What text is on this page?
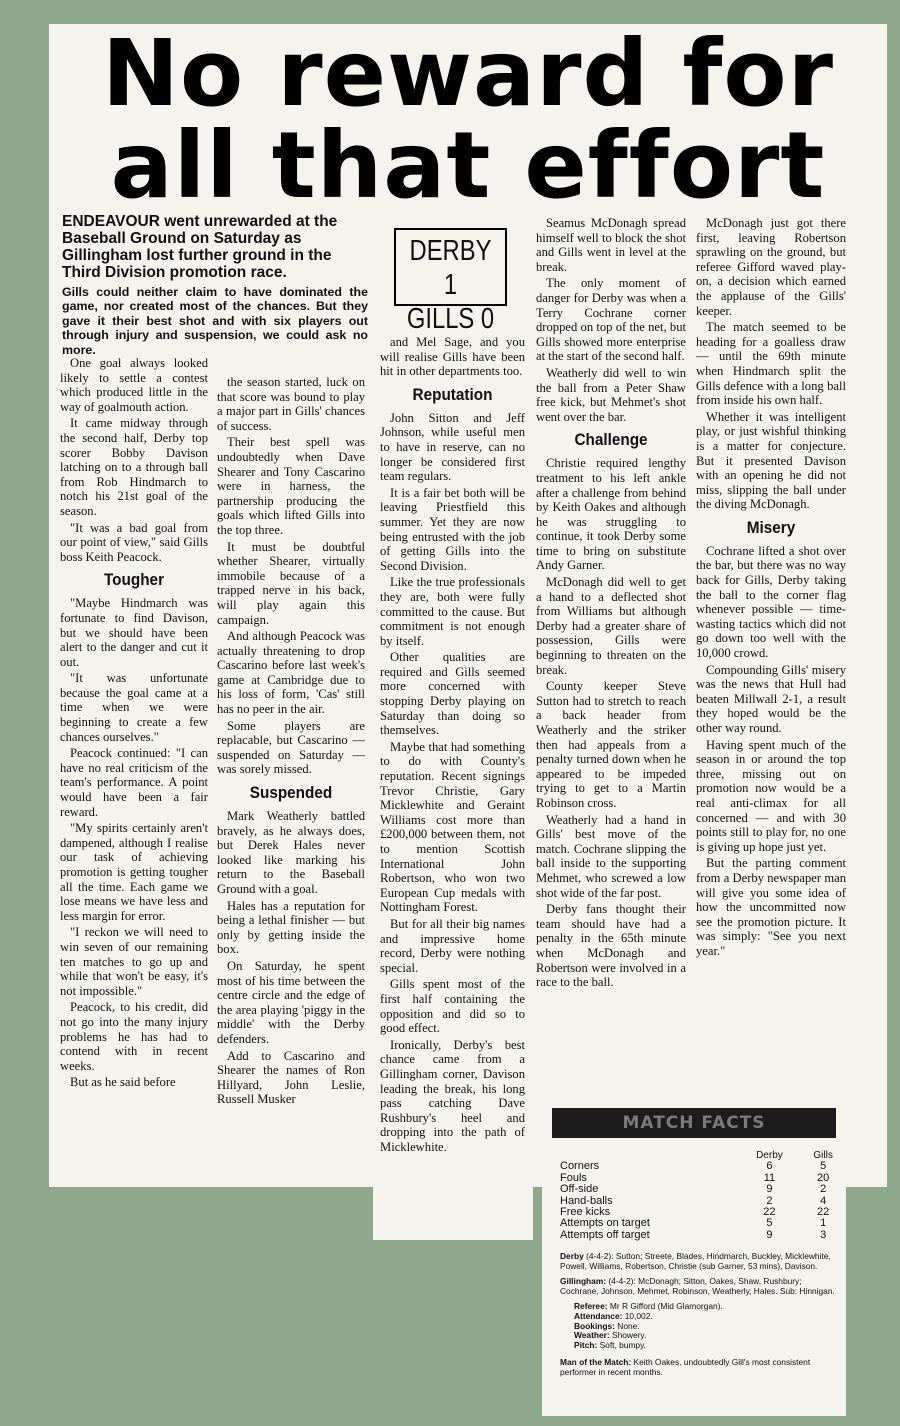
No reward for
all that effort

ENDEAVOUR went unrewarded at the Baseball Ground on Saturday as Gillingham lost further ground in the Third Division promotion race.

Gills could neither claim to have dominated the game, nor created most of the chances. But they gave it their best shot and with six players out through injury and suspension, we could ask no more.

DERBY 1
GILLS 0

One goal always looked likely to settle a contest which produced little in the way of goalmouth action.

It came midway through the second half, Derby top scorer Bobby Davison latching on to a through ball from Rob Hindmarch to notch his 21st goal of the season.

"It was a bad goal from our point of view," said Gills boss Keith Peacock.

Tougher

"Maybe Hindmarch was fortunate to find Davison, but we should have been alert to the danger and cut it out.

"It was unfortunate because the goal came at a time when we were beginning to create a few chances ourselves."

Peacock continued: "I can have no real criticism of the team's performance. A point would have been a fair reward.

"My spirits certainly aren't dampened, although I realise our task of achieving promotion is getting tougher all the time. Each game we lose means we have less and less margin for error.

"I reckon we will need to win seven of our remaining ten matches to go up and while that won't be easy, it's not impossible."

Peacock, to his credit, did not go into the many injury problems he has had to contend with in recent weeks.

But as he said before

the season started, luck on that score was bound to play a major part in Gills' chances of success.

Their best spell was undoubtedly when Dave Shearer and Tony Cascarino were in harness, the partnership producing the goals which lifted Gills into the top three.

It must be doubtful whether Shearer, virtually immobile because of a trapped nerve in his back, will play again this campaign.

And although Peacock was actually threatening to drop Cascarino before last week's game at Cambridge due to his loss of form, 'Cas' still has no peer in the air.

Some players are replacable, but Cascarino — suspended on Saturday — was sorely missed.

Suspended

Mark Weatherly battled bravely, as he always does, but Derek Hales never looked like marking his return to the Baseball Ground with a goal.

Hales has a reputation for being a lethal finisher — but only by getting inside the box.

On Saturday, he spent most of his time between the centre circle and the edge of the area playing 'piggy in the middle' with the Derby defenders.

Add to Cascarino and Shearer the names of Ron Hillyard, John Leslie, Russell Musker

and Mel Sage, and you will realise Gills have been hit in other departments too.

Reputation

John Sitton and Jeff Johnson, while useful men to have in reserve, can no longer be considered first team regulars.

It is a fair bet both will be leaving Priestfield this summer. Yet they are now being entrusted with the job of getting Gills into the Second Division.

Like the true professionals they are, both were fully committed to the cause. But commitment is not enough by itself.

Other qualities are required and Gills seemed more concerned with stopping Derby playing on Saturday than doing so themselves.

Maybe that had something to do with County's reputation. Recent signings Trevor Christie, Gary Micklewhite and Geraint Williams cost more than £200,000 between them, not to mention Scottish International John Robertson, who won two European Cup medals with Nottingham Forest.

But for all their big names and impressive home record, Derby were nothing special.

Gills spent most of the first half containing the opposition and did so to good effect.

Ironically, Derby's best chance came from a Gillingham corner, Davison leading the break, his long pass catching Dave Rushbury's heel and dropping into the path of Micklewhite.

Seamus McDonagh spread himself well to block the shot and Gills went in level at the break.

The only moment of danger for Derby was when a Terry Cochrane corner dropped on top of the net, but Gills showed more enterprise at the start of the second half.

Weatherly did well to win the ball from a Peter Shaw free kick, but Mehmet's shot went over the bar.

Challenge

Christie required lengthy treatment to his left ankle after a challenge from behind by Keith Oakes and although he was struggling to continue, it took Derby some time to bring on substitute Andy Garner.

McDonagh did well to get a hand to a deflected shot from Williams but although Derby had a greater share of possession, Gills were beginning to threaten on the break.

County keeper Steve Sutton had to stretch to reach a back header from Weatherly and the striker then had appeals from a penalty turned down when he appeared to be impeded trying to get to a Martin Robinson cross.

Weatherly had a hand in Gills' best move of the match. Cochrane slipping the ball inside to the supporting Mehmet, who screwed a low shot wide of the far post.

Derby fans thought their team should have had a penalty in the 65th minute when McDonagh and Robertson were involved in a race to the ball.

McDonagh just got there first, leaving Robertson sprawling on the ground, but referee Gifford waved play-on, a decision which earned the applause of the Gills' keeper.

The match seemed to be heading for a goalless draw — until the 69th minute when Hindmarch split the Gills defence with a long ball from inside his own half.

Whether it was intelligent play, or just wishful thinking is a matter for conjecture. But it presented Davison with an opening he did not miss, slipping the ball under the diving McDonagh.

Misery

Cochrane lifted a shot over the bar, but there was no way back for Gills, Derby taking the ball to the corner flag whenever possible — time-wasting tactics which did not go down too well with the 10,000 crowd.

Compounding Gills' misery was the news that Hull had beaten Millwall 2-1, a result they hoped would be the other way round.

Having spent much of the season in or around the top three, missing out on promotion now would be a real anti-climax for all concerned — and with 30 points still to play for, no one is giving up hope just yet.

But the parting comment from a Derby newspaper man will give you some idea of how the uncommitted now see the promotion picture. It was simply: "See you next year."

MATCH FACTS
	Derby	Gills
Corners	6	5
Fouls	11	20
Off-side	9	2
Hand-balls	2	4
Free kicks	22	22
Attempts on target	5	1
Attempts off target	9	3

Derby (4-4-2): Sutton; Streete, Blades, Hindmarch, Buckley, Micklewhite, Powell, Williams, Robertson, Christie (sub Garner, 53 mins), Davison.

Gillingham: (4-4-2): McDonagh; Sitton, Oakes, Shaw, Rushbury; Cochrane, Johnson, Mehmet, Robinson, Weatherly, Hales. Sub: Hinnigan.

Referee: Mr R Gifford (Mid Glamorgan).

Attendance: 10,002.

Bookings: None.

Weather: Showery.

Pitch: Soft, bumpy.

Man of the Match: Keith Oakes, undoubtedly Gill's most consistent performer in recent months.
